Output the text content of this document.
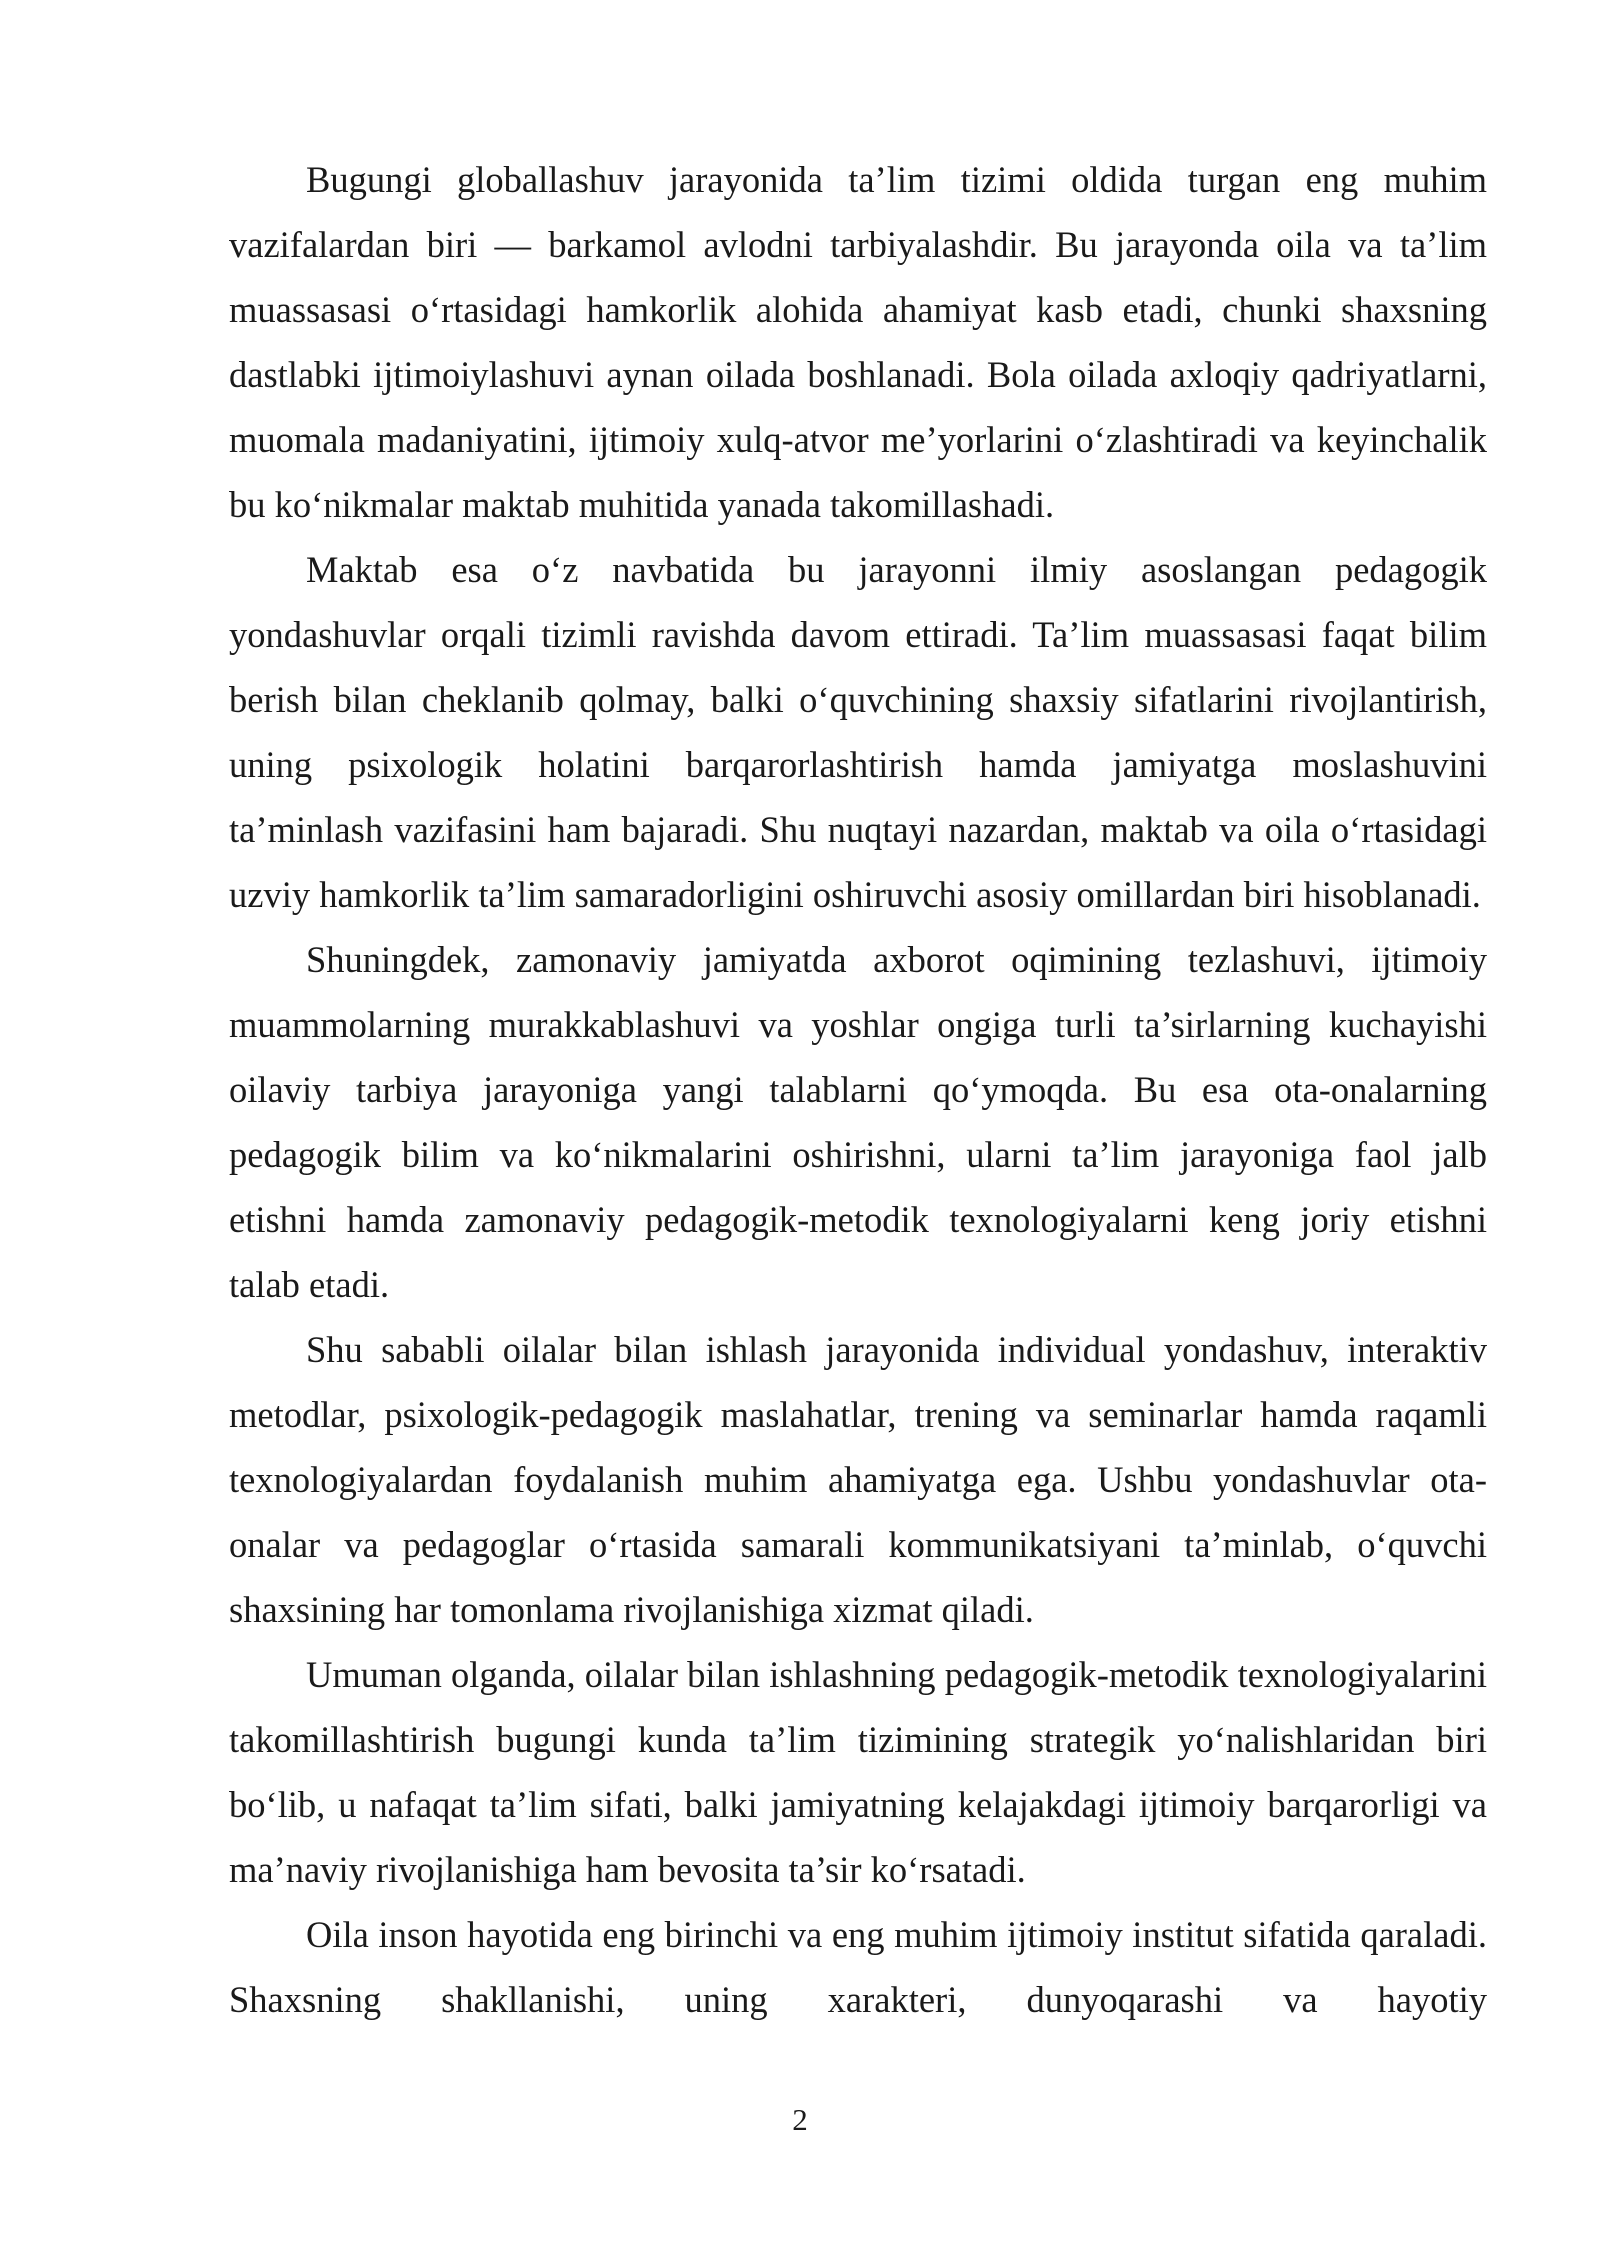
Bugungi globallashuv jarayonida ta’lim tizimi oldida turgan eng muhim vazifalardan biri — barkamol avlodni tarbiyalashdir. Bu jarayonda oila va ta’lim muassasasi o‘rtasidagi hamkorlik alohida ahamiyat kasb etadi, chunki shaxsning dastlabki ijtimoiylashuvi aynan oilada boshlanadi. Bola oilada axloqiy qadriyatlarni, muomala madaniyatini, ijtimoiy xulq-atvor me’yorlarini o‘zlashtiradi va keyinchalik bu ko‘nikmalar maktab muhitida yanada takomillashadi.

Maktab esa o‘z navbatida bu jarayonni ilmiy asoslangan pedagogik yondashuvlar orqali tizimli ravishda davom ettiradi. Ta’lim muassasasi faqat bilim berish bilan cheklanib qolmay, balki o‘quvchining shaxsiy sifatlarini rivojlantirish, uning psixologik holatini barqarorlashtirish hamda jamiyatga moslashuvini ta’minlash vazifasini ham bajaradi. Shu nuqtayi nazardan, maktab va oila o‘rtasidagi uzviy hamkorlik ta’lim samaradorligini oshiruvchi asosiy omillardan biri hisoblanadi.

Shuningdek, zamonaviy jamiyatda axborot oqimining tezlashuvi, ijtimoiy muammolarning murakkablashuvi va yoshlar ongiga turli ta’sirlarning kuchayishi oilaviy tarbiya jarayoniga yangi talablarni qo‘ymoqda. Bu esa ota-onalarning pedagogik bilim va ko‘nikmalarini oshirishni, ularni ta’lim jarayoniga faol jalb etishni hamda zamonaviy pedagogik-metodik texnologiyalarni keng joriy etishni talab etadi.

Shu sababli oilalar bilan ishlash jarayonida individual yondashuv, interaktiv metodlar, psixologik-pedagogik maslahatlar, trening va seminarlar hamda raqamli texnologiyalardan foydalanish muhim ahamiyatga ega. Ushbu yondashuvlar ota-onalar va pedagoglar o‘rtasida samarali kommunikatsiyani ta’minlab, o‘quvchi shaxsining har tomonlama rivojlanishiga xizmat qiladi.

Umuman olganda, oilalar bilan ishlashning pedagogik-metodik texnologiyalarini takomillashtirish bugungi kunda ta’lim tizimining strategik yo‘nalishlaridan biri bo‘lib, u nafaqat ta’lim sifati, balki jamiyatning kelajakdagi ijtimoiy barqarorligi va ma’naviy rivojlanishiga ham bevosita ta’sir ko‘rsatadi.

Oila inson hayotida eng birinchi va eng muhim ijtimoiy institut sifatida qaraladi. Shaxsning shakllanishi, uning xarakteri, dunyoqarashi va hayotiy

2
